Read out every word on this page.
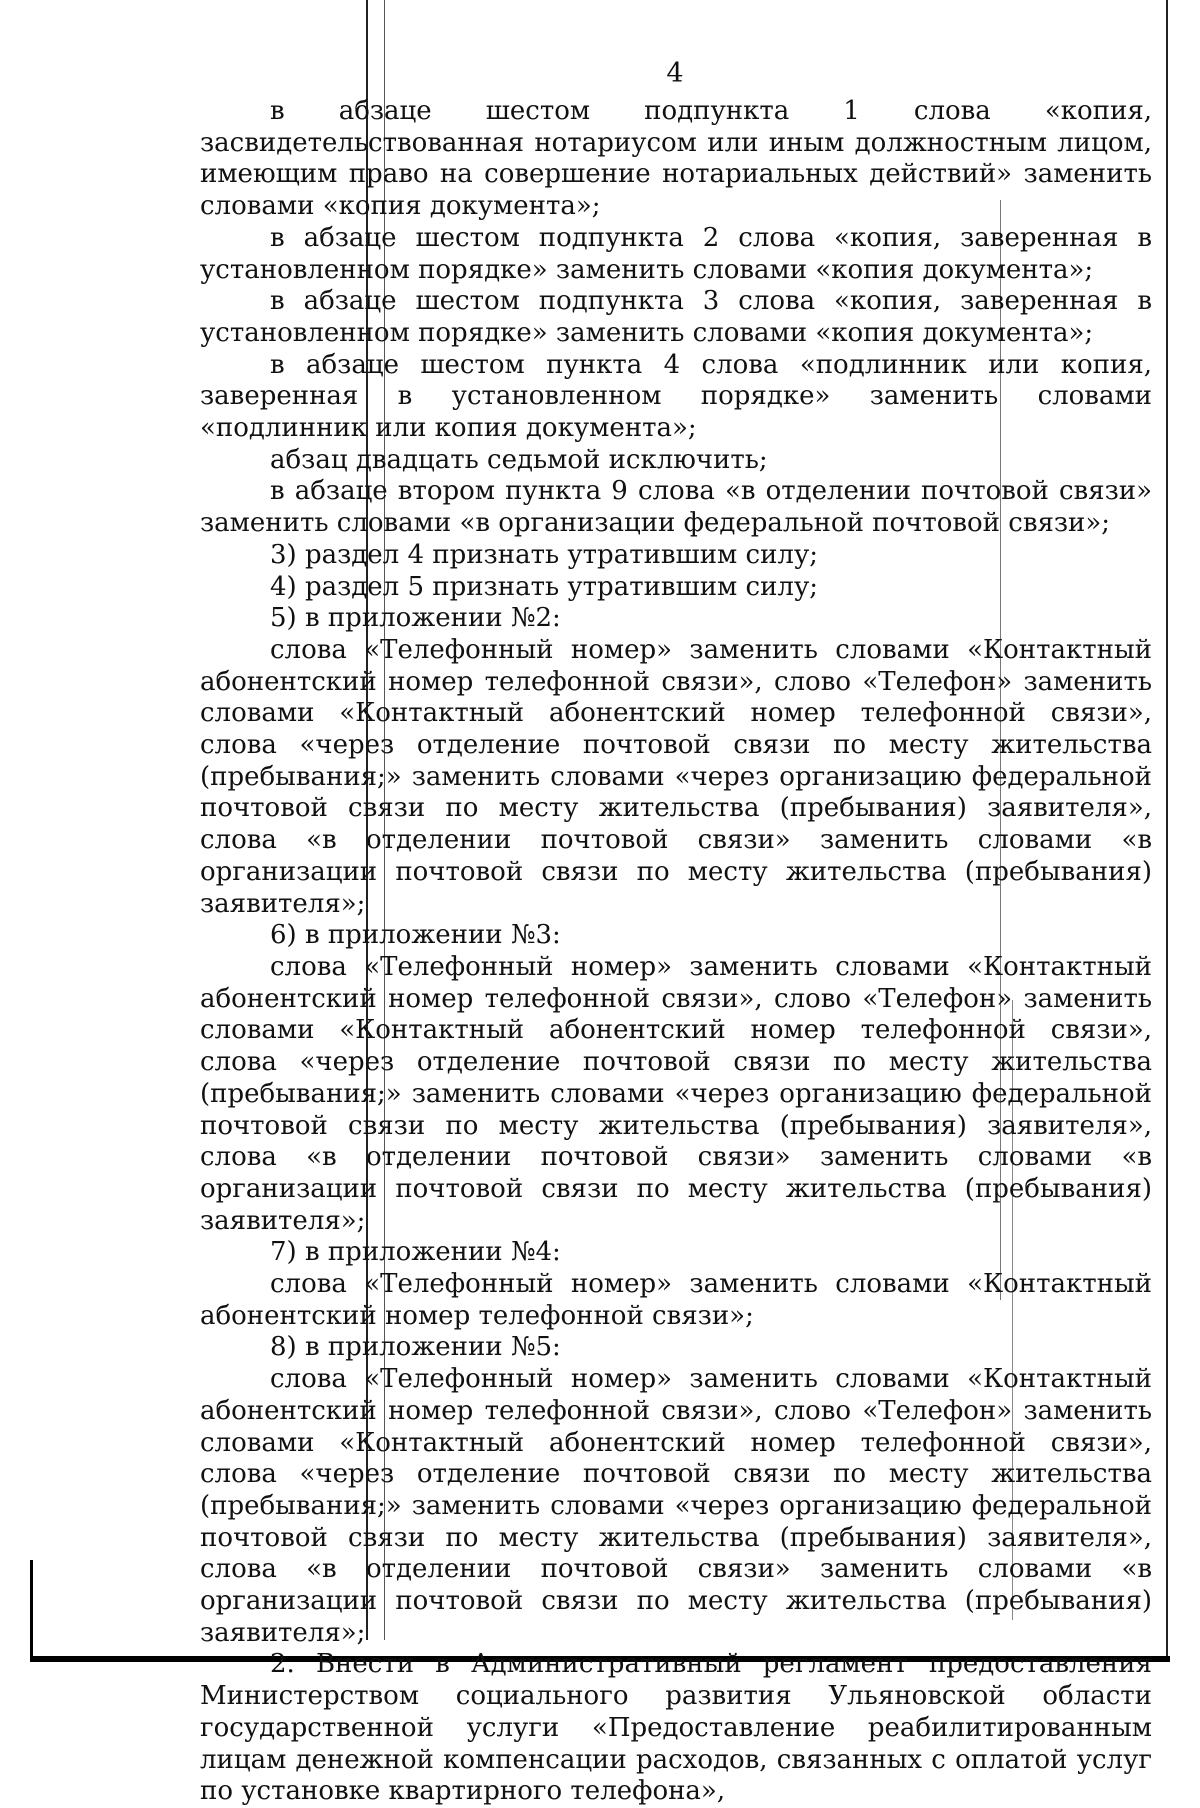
4

в абзаце шестом подпункта 1 слова «копия, засвидетельствованная нотариусом или иным должностным лицом, имеющим право на совершение нотариальных действий» заменить словами «копия документа»;

в абзаце шестом подпункта 2 слова «копия, заверенная в установленном порядке» заменить словами «копия документа»;

в абзаце шестом подпункта 3 слова «копия, заверенная в установленном порядке» заменить словами «копия документа»;

в абзаце шестом пункта 4 слова «подлинник или копия, заверенная в установленном порядке» заменить словами «подлинник или копия документа»;

абзац двадцать седьмой исключить;

в абзаце втором пункта 9 слова «в отделении почтовой связи» заменить словами «в организации федеральной почтовой связи»;

3) раздел 4 признать утратившим силу;

4) раздел 5 признать утратившим силу;

5) в приложении №2:

слова «Телефонный номер» заменить словами «Контактный абонентский номер телефонной связи», слово «Телефон» заменить словами «Контактный абонентский номер телефонной связи», слова «через отделение почтовой связи по месту жительства (пребывания;» заменить словами «через организацию федеральной почтовой связи по месту жительства (пребывания) заявителя», слова «в отделении почтовой связи» заменить словами «в организации почтовой связи по месту жительства (пребывания) заявителя»;

6) в приложении №3:

слова «Телефонный номер» заменить словами «Контактный абонентский номер телефонной связи», слово «Телефон» заменить словами «Контактный абонентский номер телефонной связи», слова «через отделение почтовой связи по месту жительства (пребывания;» заменить словами «через организацию федеральной почтовой связи по месту жительства (пребывания) заявителя», слова «в отделении почтовой связи» заменить словами «в организации почтовой связи по месту жительства (пребывания) заявителя»;

7) в приложении №4:

слова «Телефонный номер» заменить словами «Контактный абонентский номер телефонной связи»;

8) в приложении №5:

слова «Телефонный номер» заменить словами «Контактный абонентский номер телефонной связи», слово «Телефон» заменить словами «Контактный абонентский номер телефонной связи», слова «через отделение почтовой связи по месту жительства (пребывания;» заменить словами «через организацию федеральной почтовой связи по месту жительства (пребывания) заявителя», слова «в отделении почтовой связи» заменить словами «в организации почтовой связи по месту жительства (пребывания) заявителя»;

2. Внести в Административный регламент предоставления Министерством социального развития Ульяновской области государственной услуги «Предоставление реабилитированным лицам денежной компенсации расходов, связанных с оплатой услуг по установке квартирного телефона»,
